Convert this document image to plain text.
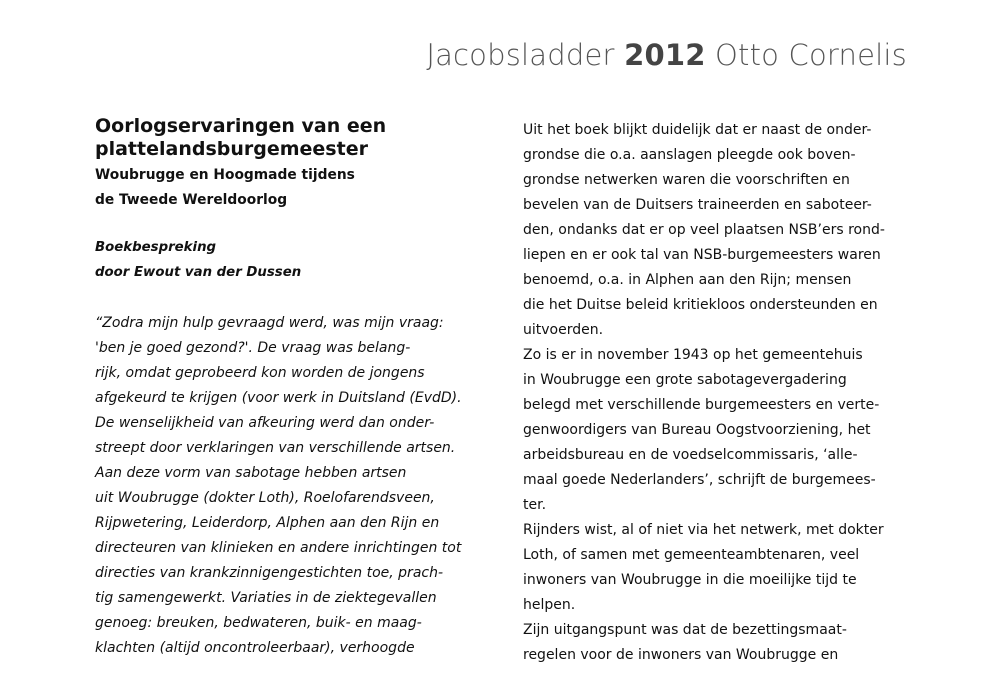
Jacobsladder 2012 Otto Cornelis
Oorlogservaringen van een
plattelandsburgemeester
Woubrugge en Hoogmade tijdens
de Tweede Wereldoorlog
Boekbespreking
door Ewout van der Dussen
“Zodra mijn hulp gevraagd werd, was mijn vraag:
'ben je goed gezond?'. De vraag was belang-
rijk, omdat geprobeerd kon worden de jongens
afgekeurd te krijgen (voor werk in Duitsland (EvdD).
De wenselijkheid van afkeuring werd dan onder-
streept door verklaringen van verschillende artsen.
Aan deze vorm van sabotage hebben artsen
uit Woubrugge (dokter Loth), Roelofarendsveen,
Rijpwetering, Leiderdorp, Alphen aan den Rijn en
directeuren van klinieken en andere inrichtingen tot
directies van krankzinnigengestichten toe, prach-
tig samengewerkt. Variaties in de ziektegevallen
genoeg: breuken, bedwateren, buik- en maag-
klachten (altijd oncontroleerbaar), verhoogde
Uit het boek blijkt duidelijk dat er naast de onder-
grondse die o.a. aanslagen pleegde ook boven-
grondse netwerken waren die voorschriften en
bevelen van de Duitsers traineerden en saboteer-
den, ondanks dat er op veel plaatsen NSB’ers rond-
liepen en er ook tal van NSB-burgemeesters waren
benoemd, o.a. in Alphen aan den Rijn; mensen
die het Duitse beleid kritiekloos ondersteunden en
uitvoerden.
Zo is er in november 1943 op het gemeentehuis
in Woubrugge een grote sabotagevergadering
belegd met verschillende burgemeesters en verte-
genwoordigers van Bureau Oogstvoorziening, het
arbeidsbureau en de voedselcommissaris, ‘alle-
maal goede Nederlanders’, schrijft de burgemees-
ter.
Rijnders wist, al of niet via het netwerk, met dokter
Loth, of samen met gemeenteambtenaren, veel
inwoners van Woubrugge in die moeilijke tijd te
helpen.
Zijn uitgangspunt was dat de bezettingsmaat-
regelen voor de inwoners van Woubrugge en
